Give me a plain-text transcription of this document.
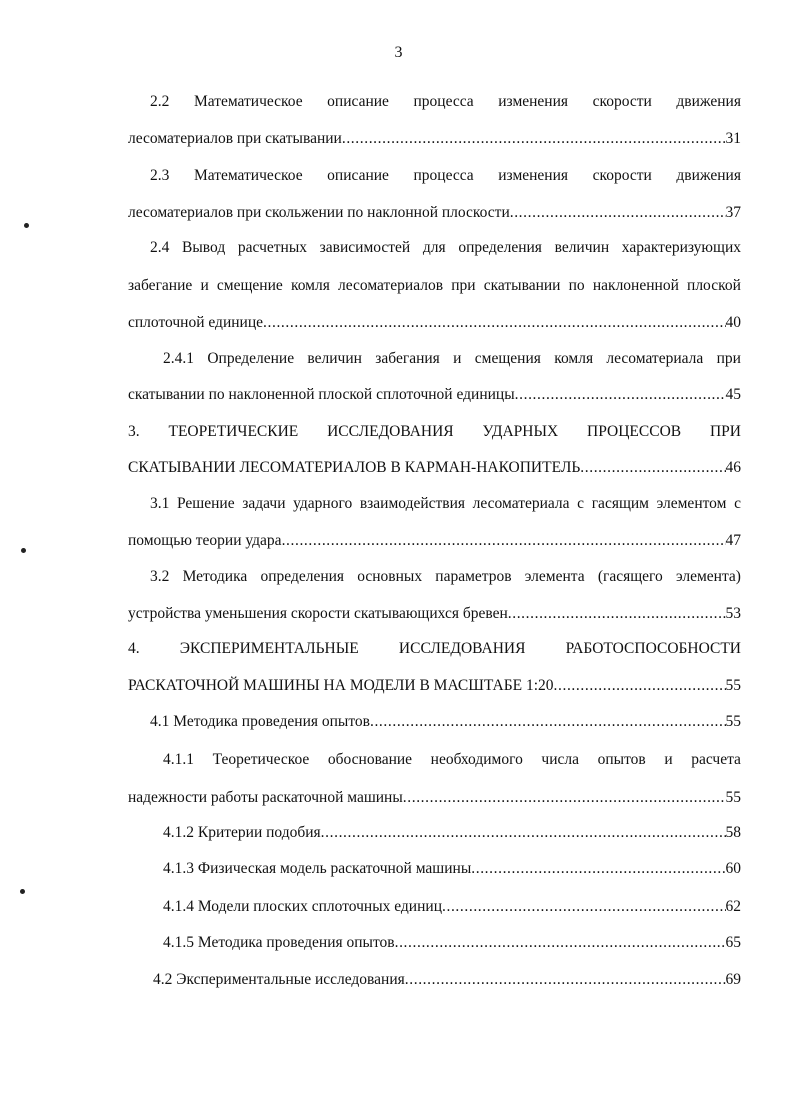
3
2.2 Математическое описание процесса изменения скорости движения
лесоматериалов при скатывании .....	31
2.3 Математическое описание процесса изменения скорости движения
лесоматериалов при скольжении по наклонной плоскости .....	37
2.4 Вывод расчетных зависимостей для определения величин характеризующих
забегание и смещение комля лесоматериалов при скатывании по наклоненной плоской
сплоточной единице .....	40
2.4.1 Определение величин забегания и смещения комля лесоматериала при
скатывании по наклоненной плоской сплоточной единицы .....	45
3. ТЕОРЕТИЧЕСКИЕ ИССЛЕДОВАНИЯ УДАРНЫХ ПРОЦЕССОВ ПРИ
СКАТЫВАНИИ ЛЕСОМАТЕРИАЛОВ В КАРМАН-НАКОПИТЕЛЬ .....	46
3.1 Решение задачи ударного взаимодействия лесоматериала с гасящим элементом с
помощью теории удара .....	47
3.2 Методика определения основных параметров элемента (гасящего элемента)
устройства уменьшения скорости скатывающихся бревен .....	53
4.	ЭКСПЕРИМЕНТАЛЬНЫЕ	ИССЛЕДОВАНИЯ	РАБОТОСПОСОБНОСТИ
РАСКАТОЧНОЙ МАШИНЫ НА МОДЕЛИ В МАСШТАБЕ 1:20 .....	55
4.1 Методика проведения опытов .....	55
4.1.1 Теоретическое обоснование необходимого числа опытов и расчета
надежности работы раскаточной машины .....	55
4.1.2 Критерии подобия .....	58
4.1.3 Физическая модель раскаточной машины .....	60
4.1.4 Модели плоских сплоточных единиц .....	62
4.1.5 Методика проведения опытов .....	65
4.2 Экспериментальные исследования .....	69
